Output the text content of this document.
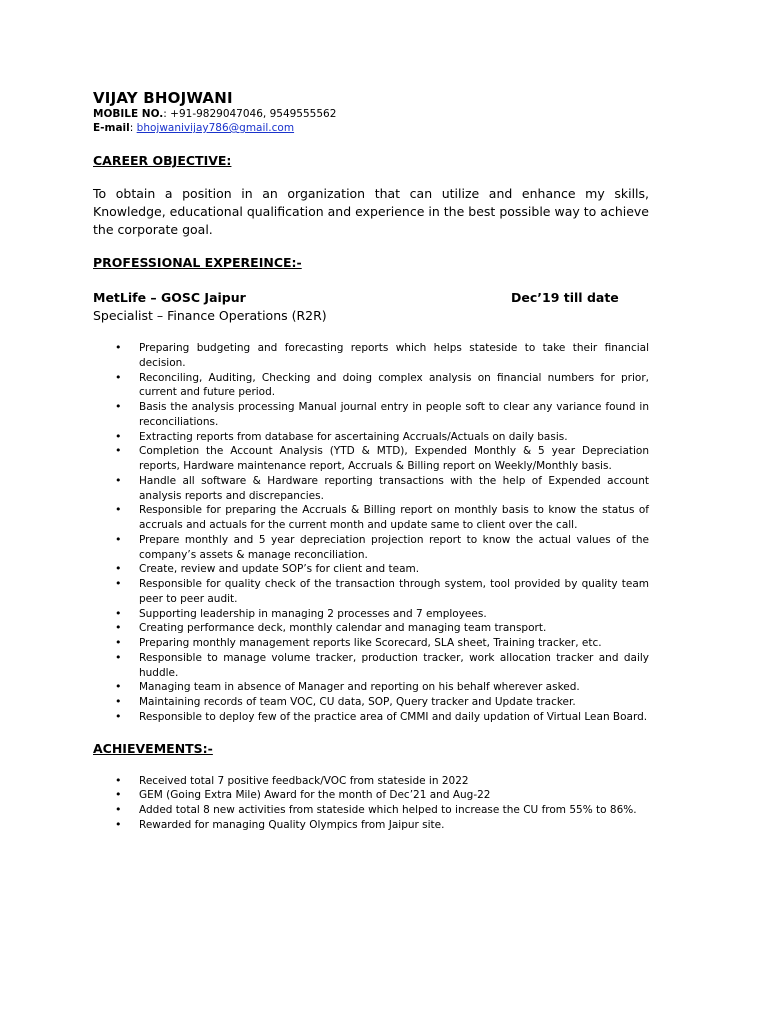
VIJAY BHOJWANI
MOBILE NO.: +91-9829047046, 9549555562
E-mail: bhojwanivijay786@gmail.com
CAREER OBJECTIVE:
To obtain a position in an organization that can utilize and enhance my skills, Knowledge, educational qualification and experience in the best possible way to achieve the corporate goal.
PROFESSIONAL EXPEREINCE:-
MetLife – GOSC Jaipur	Dec’19 till date
Specialist – Finance Operations (R2R)
• Preparing budgeting and forecasting reports which helps stateside to take their financial decision.
• Reconciling, Auditing, Checking and doing complex analysis on financial numbers for prior, current and future period.
• Basis the analysis processing Manual journal entry in people soft to clear any variance found in reconciliations.
• Extracting reports from database for ascertaining Accruals/Actuals on daily basis.
• Completion the Account Analysis (YTD & MTD), Expended Monthly & 5 year Depreciation reports, Hardware maintenance report, Accruals & Billing report on Weekly/Monthly basis.
• Handle all software & Hardware reporting transactions with the help of Expended account analysis reports and discrepancies.
• Responsible for preparing the Accruals & Billing report on monthly basis to know the status of accruals and actuals for the current month and update same to client over the call.
• Prepare monthly and 5 year depreciation projection report to know the actual values of the company’s assets & manage reconciliation.
• Create, review and update SOP’s for client and team.
• Responsible for quality check of the transaction through system, tool provided by quality team peer to peer audit.
• Supporting leadership in managing 2 processes and 7 employees.
• Creating performance deck, monthly calendar and managing team transport.
• Preparing monthly management reports like Scorecard, SLA sheet, Training tracker, etc.
• Responsible to manage volume tracker, production tracker, work allocation tracker and daily huddle.
• Managing team in absence of Manager and reporting on his behalf wherever asked.
• Maintaining records of team VOC, CU data, SOP, Query tracker and Update tracker.
• Responsible to deploy few of the practice area of CMMI and daily updation of Virtual Lean Board.
ACHIEVEMENTS:-
• Received total 7 positive feedback/VOC from stateside in 2022
• GEM (Going Extra Mile) Award for the month of Dec’21 and Aug-22
• Added total 8 new activities from stateside which helped to increase the CU from 55% to 86%.
• Rewarded for managing Quality Olympics from Jaipur site.
